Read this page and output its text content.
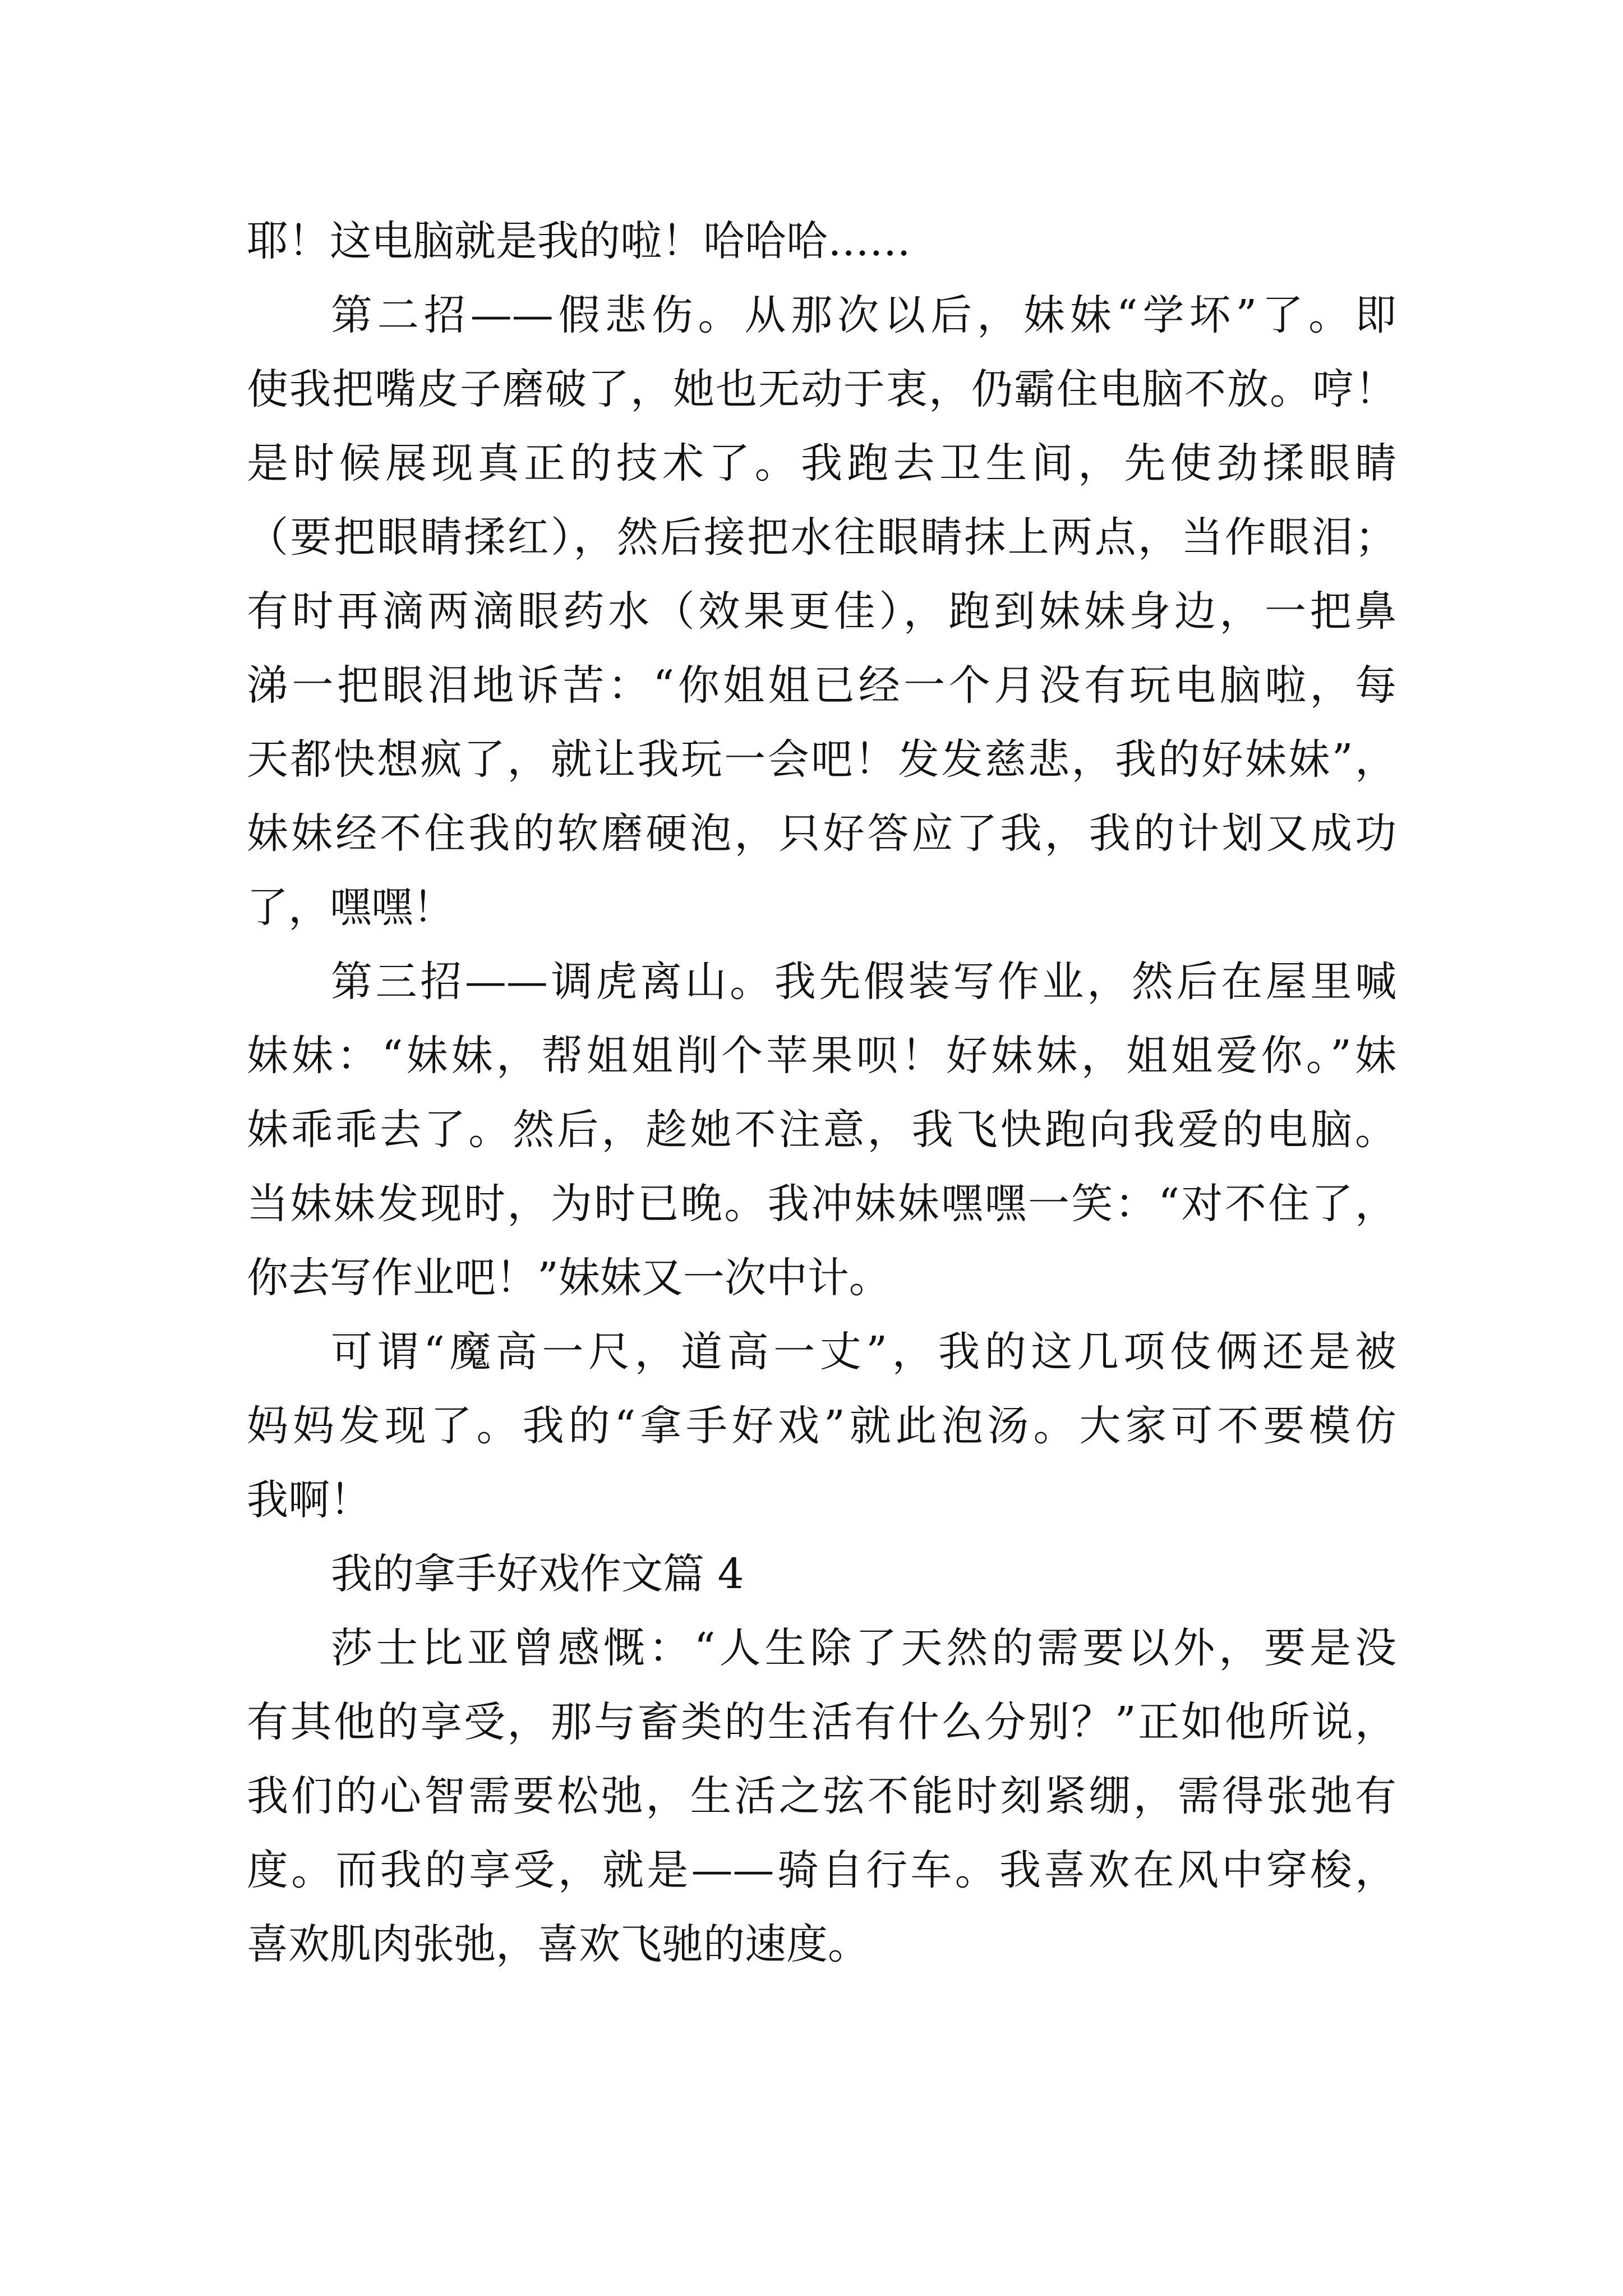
耶！这电脑就是我的啦！哈哈哈……
第二招——假悲伤。从那次以后，妹妹“学坏”了。即
使我把嘴皮子磨破了，她也无动于衷，仍霸住电脑不放。哼！
是时候展现真正的技术了。我跑去卫生间，先使劲揉眼睛
（要把眼睛揉红），然后接把水往眼睛抹上两点，当作眼泪；
有时再滴两滴眼药水（效果更佳），跑到妹妹身边，一把鼻
涕一把眼泪地诉苦：“你姐姐已经一个月没有玩电脑啦，每
天都快想疯了，就让我玩一会吧！发发慈悲，我的好妹妹”，
妹妹经不住我的软磨硬泡，只好答应了我，我的计划又成功
了，嘿嘿！
第三招——调虎离山。我先假装写作业，然后在屋里喊
妹妹：“妹妹，帮姐姐削个苹果呗！好妹妹，姐姐爱你。”妹
妹乖乖去了。然后，趁她不注意，我飞快跑向我爱的电脑。
当妹妹发现时，为时已晚。我冲妹妹嘿嘿一笑：“对不住了，
你去写作业吧！”妹妹又一次中计。
可谓“魔高一尺，道高一丈”，我的这几项伎俩还是被
妈妈发现了。我的“拿手好戏”就此泡汤。大家可不要模仿
我啊！
我的拿手好戏作文篇 4
莎士比亚曾感慨：“人生除了天然的需要以外，要是没
有其他的享受，那与畜类的生活有什么分别？”正如他所说，
我们的心智需要松弛，生活之弦不能时刻紧绷，需得张弛有
度。而我的享受，就是——骑自行车。我喜欢在风中穿梭，
喜欢肌肉张弛，喜欢飞驰的速度。
